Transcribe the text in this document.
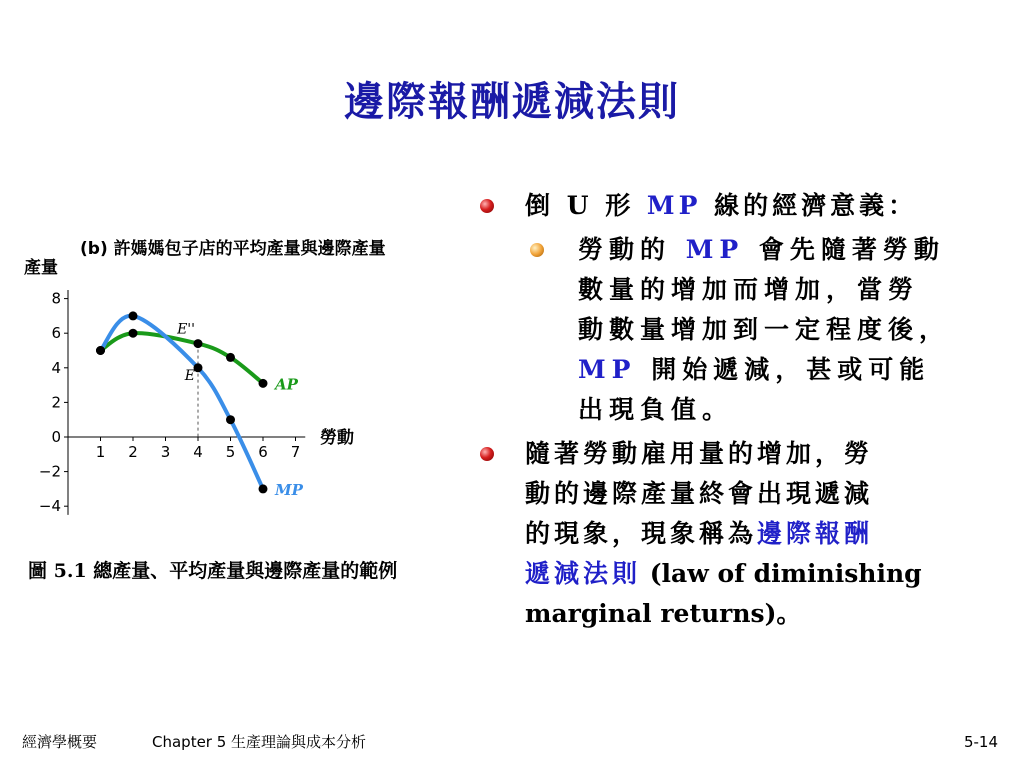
邊際報酬遞減法則
(b) 許媽媽包子店的平均產量與邊際產量
產量
勞動
8
6
4
2
0
−2
−4
1 2 3 4 5 6 7
AP
MP
E''
E
圖 5.1 總產量、平均產量與邊際產量的範例
倒 U 形 MP 線的經濟意義：
勞動的 MP 會先隨著勞動
數量的增加而增加，當勞
動數量增加到一定程度後，
MP 開始遞減，甚或可能
出現負值。
隨著勞動雇用量的增加，勞
動的邊際產量終會出現遞減
的現象，現象稱為邊際報酬
遞減法則 (law of diminishing
marginal returns)。
經濟學概要	Chapter 5 生產理論與成本分析	5-14
